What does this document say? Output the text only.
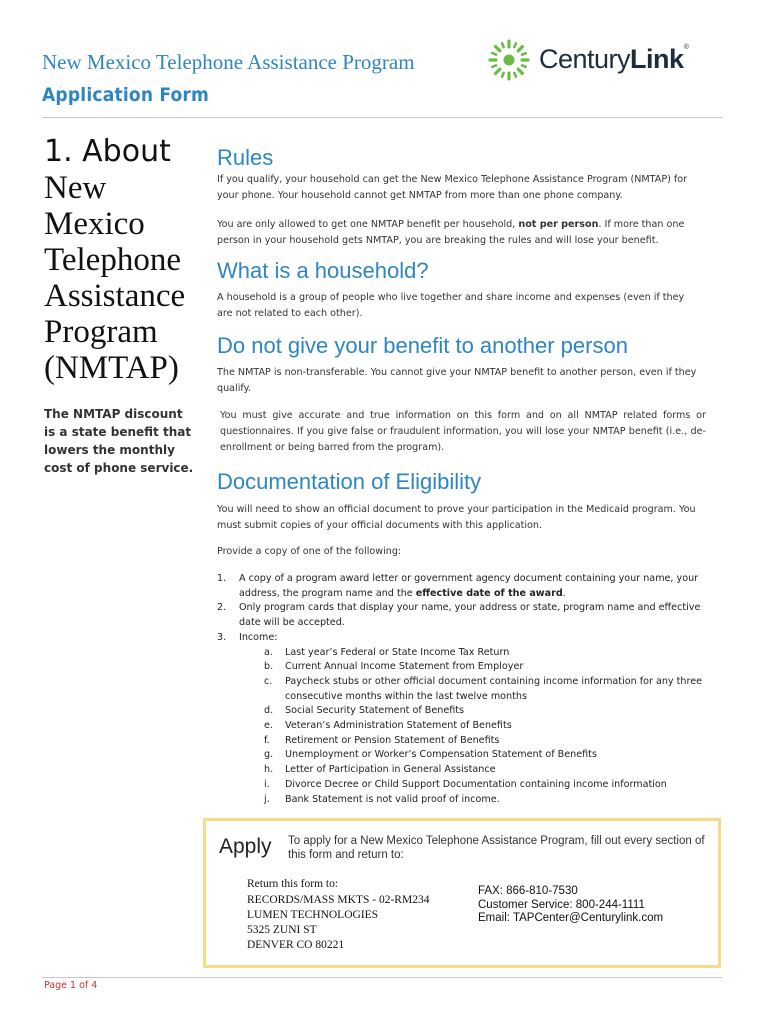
New Mexico Telephone Assistance Program
Application Form
CenturyLink®
1. About
New
Mexico
Telephone
Assistance
Program
(NMTAP)
The NMTAP discount is a state benefit that lowers the monthly cost of phone service.
Rules
If you qualify, your household can get the New Mexico Telephone Assistance Program (NMTAP) for your phone. Your household cannot get NMTAP from more than one phone company.
You are only allowed to get one NMTAP benefit per household, not per person. If more than one person in your household gets NMTAP, you are breaking the rules and will lose your benefit.
What is a household?
A household is a group of people who live together and share income and expenses (even if they are not related to each other).
Do not give your benefit to another person
The NMTAP is non-transferable. You cannot give your NMTAP benefit to another person, even if they qualify.
You must give accurate and true information on this form and on all NMTAP related forms or questionnaires. If you give false or fraudulent information, you will lose your NMTAP benefit (i.e., de-enrollment or being barred from the program).
Documentation of Eligibility
You will need to show an official document to prove your participation in the Medicaid program. You must submit copies of your official documents with this application.
Provide a copy of one of the following:
1. A copy of a program award letter or government agency document containing your name, your address, the program name and the effective date of the award.
2. Only program cards that display your name, your address or state, program name and effective date will be accepted.
3. Income:
a. Last year’s Federal or State Income Tax Return
b. Current Annual Income Statement from Employer
c. Paycheck stubs or other official document containing income information for any three consecutive months within the last twelve months
d. Social Security Statement of Benefits
e. Veteran’s Administration Statement of Benefits
f. Retirement or Pension Statement of Benefits
g. Unemployment or Worker’s Compensation Statement of Benefits
h. Letter of Participation in General Assistance
i. Divorce Decree or Child Support Documentation containing income information
j. Bank Statement is not valid proof of income.
Apply To apply for a New Mexico Telephone Assistance Program, fill out every section of this form and return to:
Return this form to:
RECORDS/MASS MKTS - 02-RM234
LUMEN TECHNOLOGIES
5325 ZUNI ST
DENVER CO 80221
FAX: 866-810-7530
Customer Service: 800-244-1111
Email: TAPCenter@Centurylink.com
Page 1 of 4
